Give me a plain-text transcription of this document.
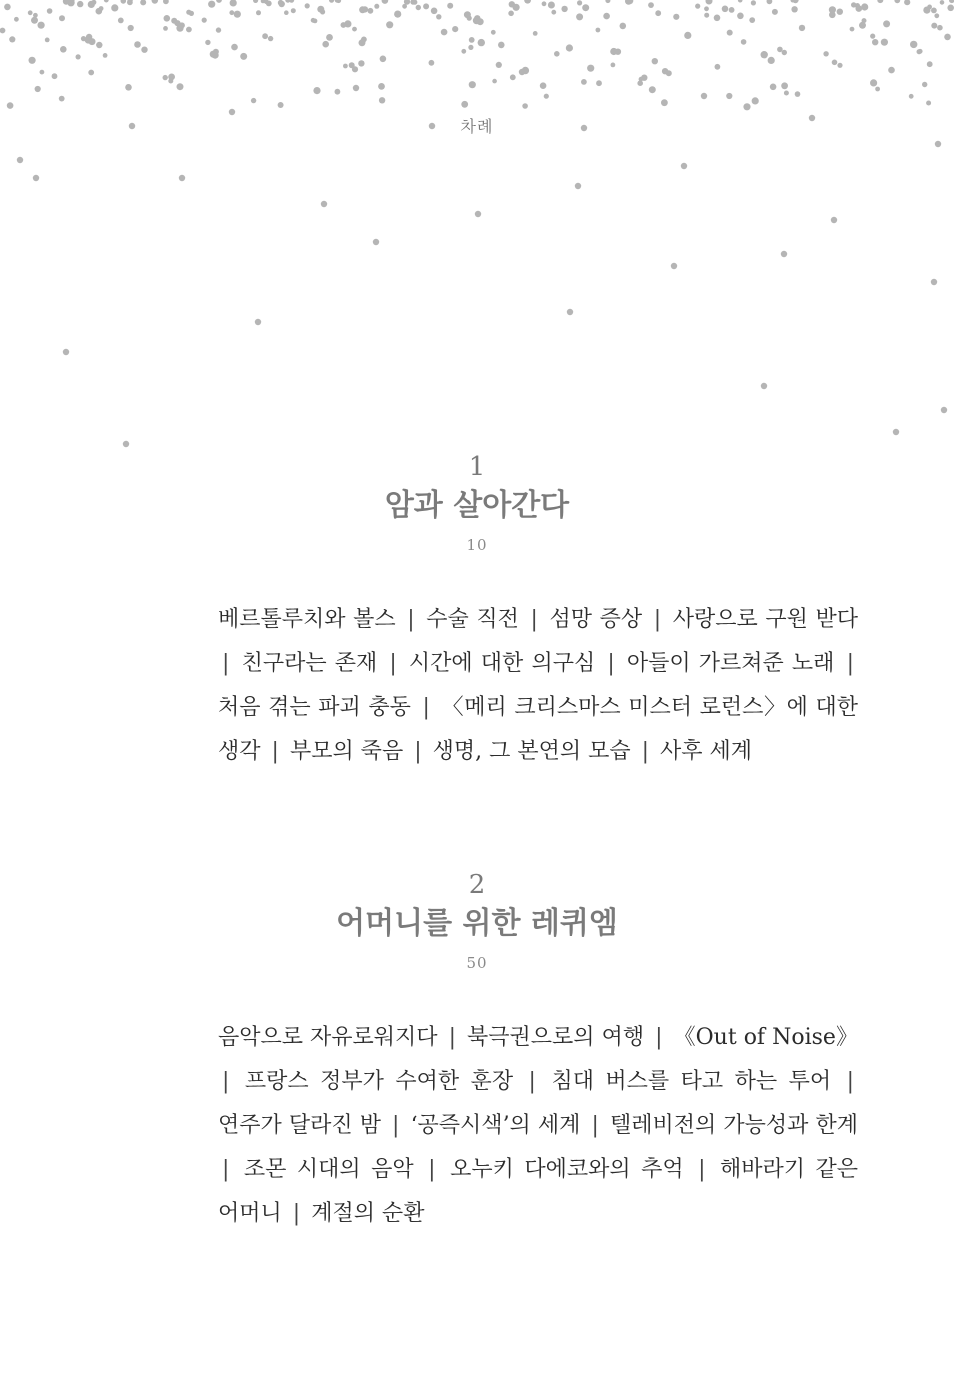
차례
1
암과 살아간다
10
베르톨루치와 볼스 | 수술 직전 | 섬망 증상 | 사랑으로 구원 받다 | 친구라는 존재 | 시간에 대한 의구심 | 아들이 가르쳐준 노래 | 처음 겪는 파괴 충동 | 〈메리 크리스마스 미스터 로런스〉에 대한 생각 | 부모의 죽음 | 생명, 그 본연의 모습 | 사후 세계
2
어머니를 위한 레퀴엠
50
음악으로 자유로워지다 | 북극권으로의 여행 | 《Out of Noise》 | 프랑스 정부가 수여한 훈장 | 침대 버스를 타고 하는 투어 | 연주가 달라진 밤 | ‘공즉시색’의 세계 | 텔레비전의 가능성과 한계 | 조몬 시대의 음악 | 오누키 다에코와의 추억 | 해바라기 같은 어머니 | 계절의 순환
